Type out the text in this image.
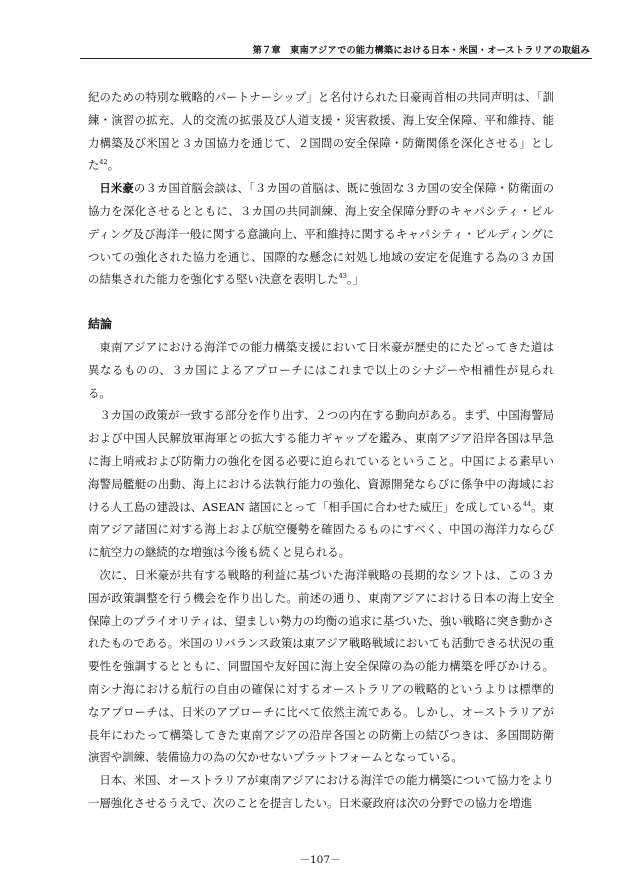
第７章　東南アジアでの能力構築における日本・米国・オーストラリアの取組み

紀のための特別な戦略的パートナーシップ」と名付けられた日豪両首相の共同声明は、「訓練・演習の拡充、人的交流の拡張及び人道支援・災害救援、海上安全保障、平和維持、能力構築及び米国と３カ国協力を通じて、２国間の安全保障・防衛関係を深化させる」とした$^{42}$。

日米豪の３カ国首脳会談は、「３カ国の首脳は、既に強固な３カ国の安全保障・防衛面の協力を深化させるとともに、３カ国の共同訓練、海上安全保障分野のキャパシティ・ビルディング及び海洋一般に関する意識向上、平和維持に関するキャパシティ・ビルディングについての強化された協力を通じ、国際的な懸念に対処し地域の安定を促進する為の３カ国の結集された能力を強化する堅い決意を表明した$^{43}$。」

結論

東南アジアにおける海洋での能力構築支援において日米豪が歴史的にたどってきた道は異なるものの、３カ国によるアプローチにはこれまで以上のシナジーや相補性が見られる。

３カ国の政策が一致する部分を作り出す、２つの内在する動向がある。まず、中国海警局および中国人民解放軍海軍との拡大する能力ギャップを鑑み、東南アジア沿岸各国は早急に海上哨戒および防衛力の強化を図る必要に迫られているということ。中国による素早い海警局艦艇の出動、海上における法執行能力の強化、資源開発ならびに係争中の海域における人工島の建設は、ASEAN 諸国にとって「相手国に合わせた威圧」を成している$^{44}$。東南アジア諸国に対する海上および航空優勢を確固たるものにすべく、中国の海洋力ならびに航空力の継続的な増強は今後も続くと見られる。

次に、日米豪が共有する戦略的利益に基づいた海洋戦略の長期的なシフトは、この３カ国が政策調整を行う機会を作り出した。前述の通り、東南アジアにおける日本の海上安全保障上のプライオリティは、望ましい勢力の均衡の追求に基づいた、強い戦略に突き動かされたものである。米国のリバランス政策は東アジア戦略戦域においても活動できる状況の重要性を強調するとともに、同盟国や友好国に海上安全保障の為の能力構築を呼びかける。南シナ海における航行の自由の確保に対するオーストラリアの戦略的というよりは標準的なアプローチは、日米のアプローチに比べて依然主流である。しかし、オーストラリアが長年にわたって構築してきた東南アジアの沿岸各国との防衛上の結びつきは、多国間防衛演習や訓練、装備協力の為の欠かせないプラットフォームとなっている。

日本、米国、オーストラリアが東南アジアにおける海洋での能力構築について協力をより一層強化させるうえで、次のことを提言したい。日米豪政府は次の分野での協力を増進

－107－
